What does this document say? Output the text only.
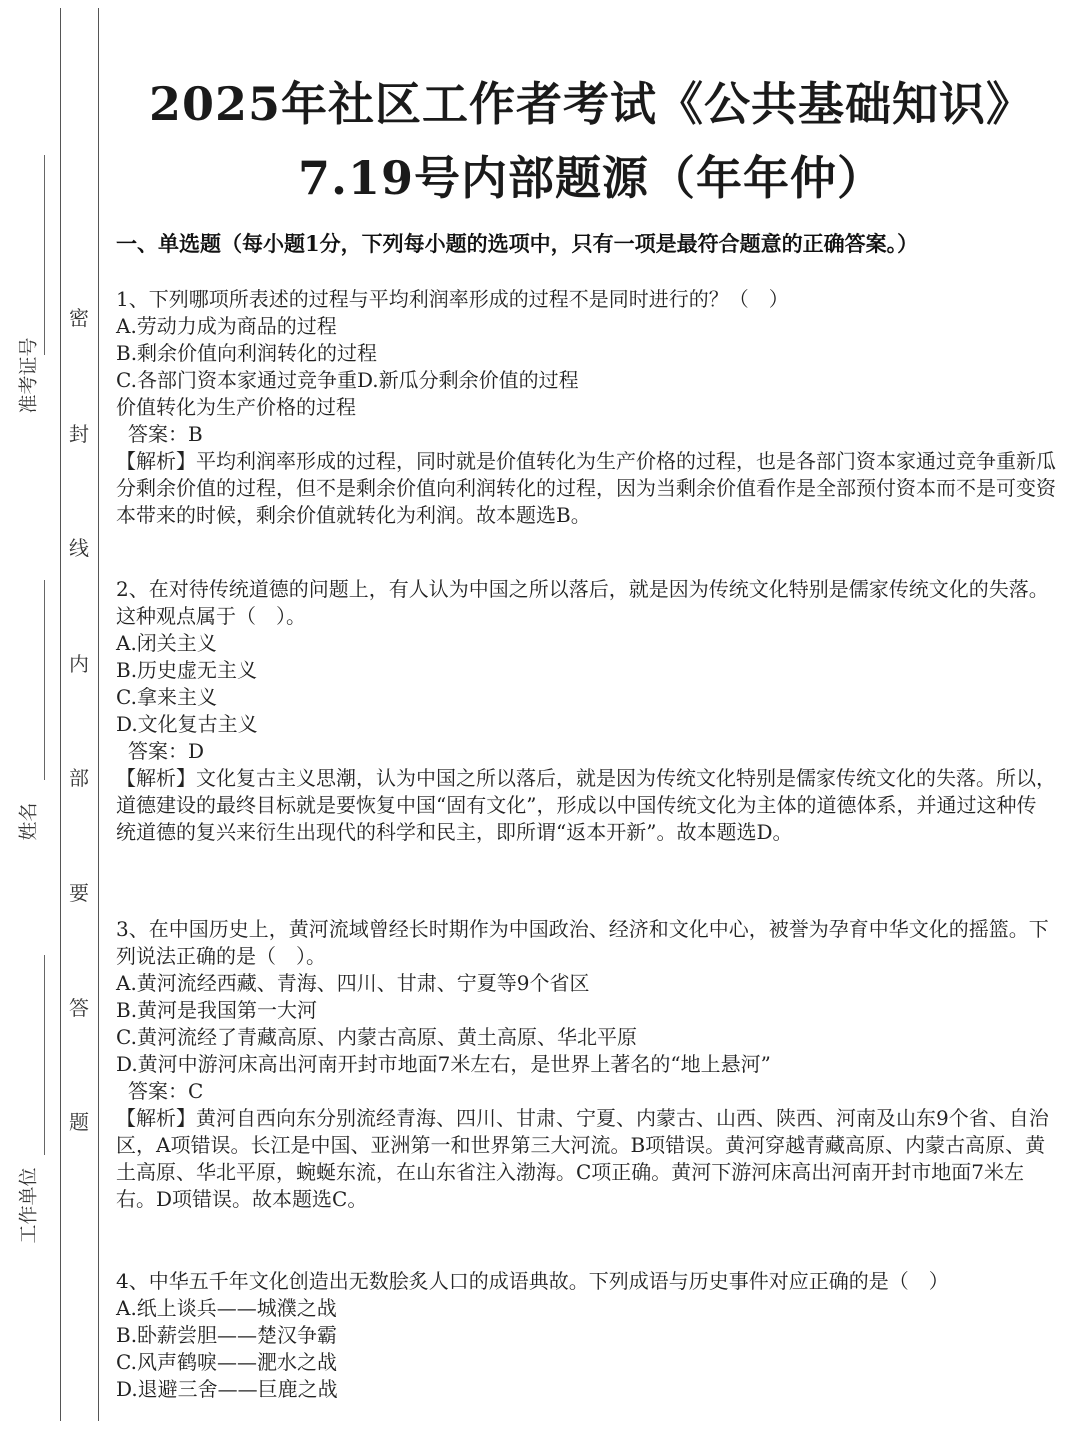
准考证号
姓名
工作单位
密
封
线
内
部
要
答
题
2025年社区工作者考试《公共基础知识》
7.19号内部题源（年年仲）
一、单选题（每小题1分，下列每小题的选项中，只有一项是最符合题意的正确答案。）
1、下列哪项所表述的过程与平均利润率形成的过程不是同时进行的？（　）
A.劳动力成为商品的过程
B.剩余价值向利润转化的过程
C.各部门资本家通过竞争重D.新瓜分剩余价值的过程
价值转化为生产价格的过程
答案：B
【解析】平均利润率形成的过程，同时就是价值转化为生产价格的过程，也是各部门资本家通过竞争重新瓜分剩余价值的过程，但不是剩余价值向利润转化的过程，因为当剩余价值看作是全部预付资本而不是可变资本带来的时候，剩余价值就转化为利润。故本题选B。
2、在对待传统道德的问题上，有人认为中国之所以落后，就是因为传统文化特别是儒家传统文化的失落。这种观点属于（　）。
A.闭关主义
B.历史虚无主义
C.拿来主义
D.文化复古主义
答案：D
【解析】文化复古主义思潮，认为中国之所以落后，就是因为传统文化特别是儒家传统文化的失落。所以，道德建设的最终目标就是要恢复中国“固有文化”，形成以中国传统文化为主体的道德体系，并通过这种传统道德的复兴来衍生出现代的科学和民主，即所谓“返本开新”。故本题选D。
3、在中国历史上，黄河流域曾经长时期作为中国政治、经济和文化中心，被誉为孕育中华文化的摇篮。下列说法正确的是（　）。
A.黄河流经西藏、青海、四川、甘肃、宁夏等9个省区
B.黄河是我国第一大河
C.黄河流经了青藏高原、内蒙古高原、黄土高原、华北平原
D.黄河中游河床高出河南开封市地面7米左右，是世界上著名的“地上悬河”
答案：C
【解析】黄河自西向东分别流经青海、四川、甘肃、宁夏、内蒙古、山西、陕西、河南及山东9个省、自治区，A项错误。长江是中国、亚洲第一和世界第三大河流。B项错误。黄河穿越青藏高原、内蒙古高原、黄土高原、华北平原，蜿蜒东流，在山东省注入渤海。C项正确。黄河下游河床高出河南开封市地面7米左右。D项错误。故本题选C。
4、中华五千年文化创造出无数脍炙人口的成语典故。下列成语与历史事件对应正确的是（　）
A.纸上谈兵——城濮之战
B.卧薪尝胆——楚汉争霸
C.风声鹤唳——淝水之战
D.退避三舍——巨鹿之战
